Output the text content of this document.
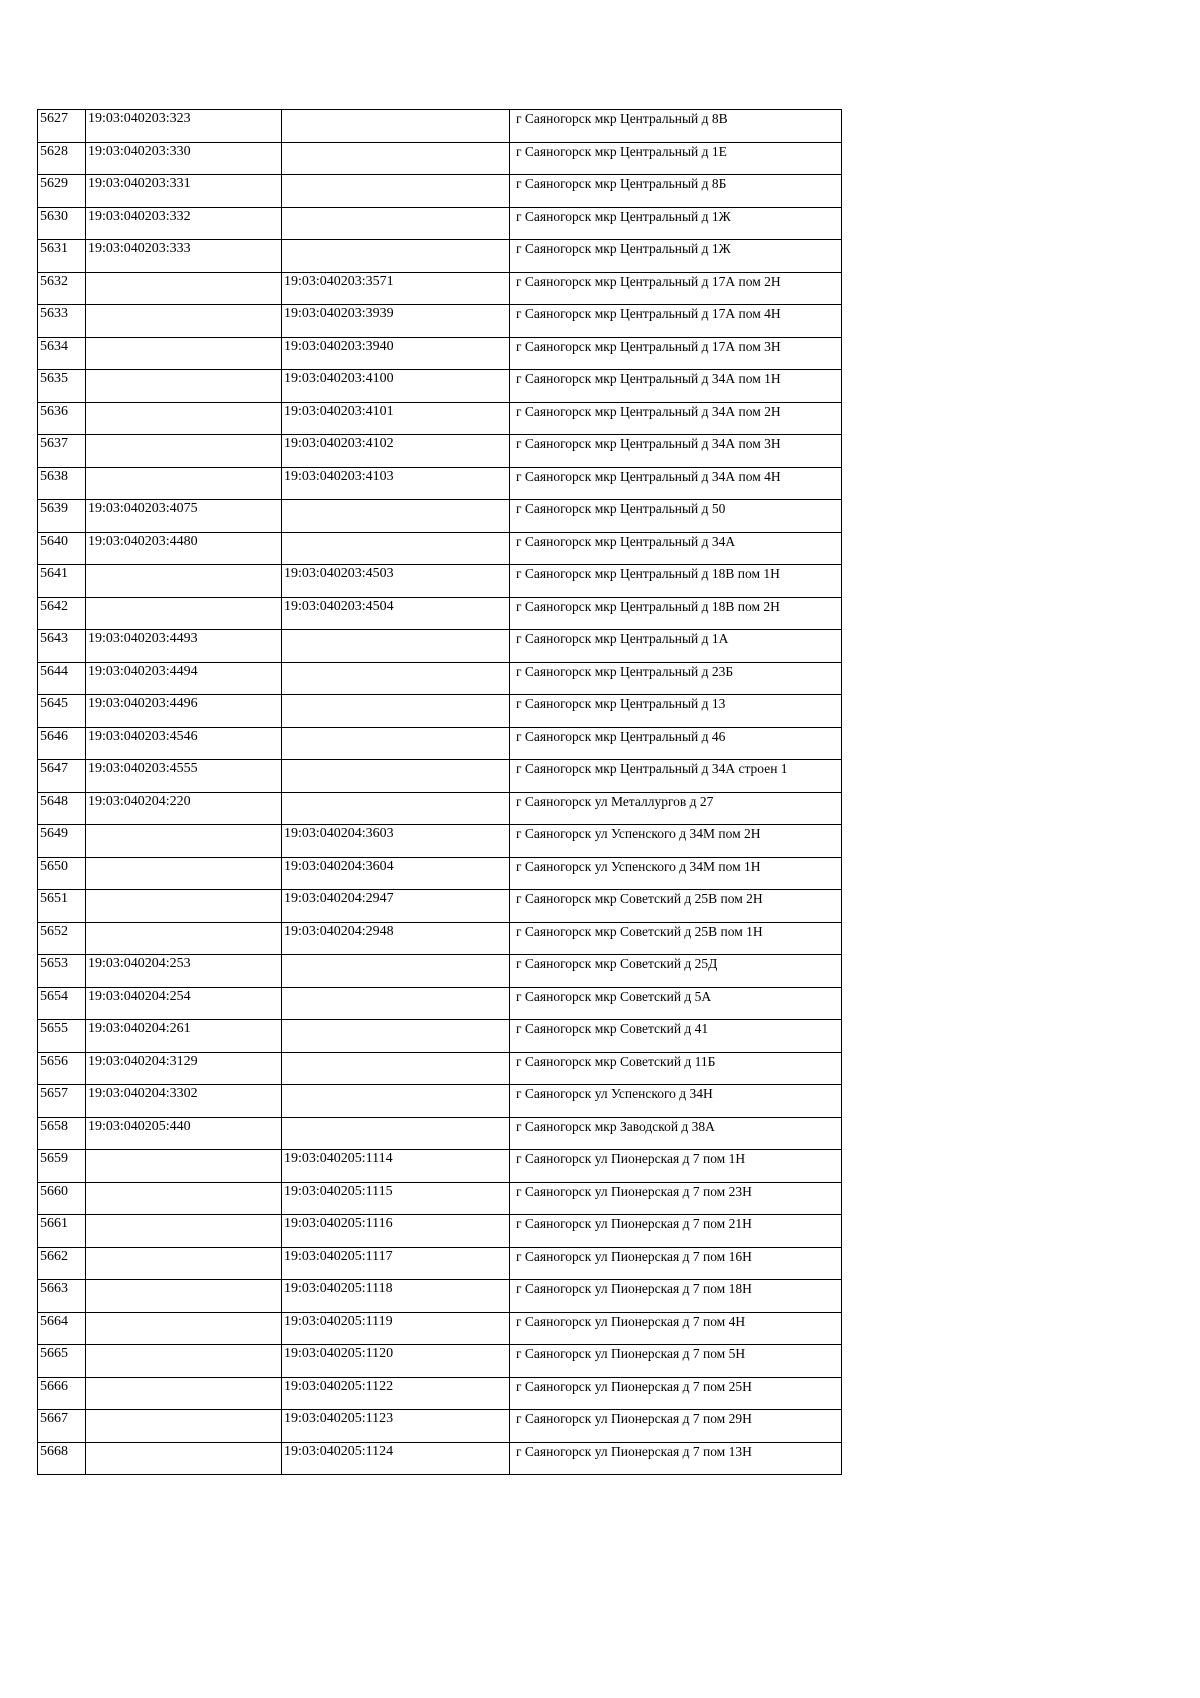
5627	19:03:040203:323		г Саяногорск мкр Центральный д 8В
5628	19:03:040203:330		г Саяногорск мкр Центральный д 1Е
5629	19:03:040203:331		г Саяногорск мкр Центральный д 8Б
5630	19:03:040203:332		г Саяногорск мкр Центральный д 1Ж
5631	19:03:040203:333		г Саяногорск мкр Центральный д 1Ж
5632		19:03:040203:3571	г Саяногорск мкр Центральный д 17А пом 2Н
5633		19:03:040203:3939	г Саяногорск мкр Центральный д 17А пом 4Н
5634		19:03:040203:3940	г Саяногорск мкр Центральный д 17А пом 3Н
5635		19:03:040203:4100	г Саяногорск мкр Центральный д 34А пом 1Н
5636		19:03:040203:4101	г Саяногорск мкр Центральный д 34А пом 2Н
5637		19:03:040203:4102	г Саяногорск мкр Центральный д 34А пом 3Н
5638		19:03:040203:4103	г Саяногорск мкр Центральный д 34А пом 4Н
5639	19:03:040203:4075		г Саяногорск мкр Центральный д 50
5640	19:03:040203:4480		г Саяногорск мкр Центральный д 34А
5641		19:03:040203:4503	г Саяногорск мкр Центральный д 18В пом 1Н
5642		19:03:040203:4504	г Саяногорск мкр Центральный д 18В пом 2Н
5643	19:03:040203:4493		г Саяногорск мкр Центральный д 1А
5644	19:03:040203:4494		г Саяногорск мкр Центральный д 23Б
5645	19:03:040203:4496		г Саяногорск мкр Центральный д 13
5646	19:03:040203:4546		г Саяногорск мкр Центральный д 46
5647	19:03:040203:4555		г Саяногорск мкр Центральный д 34А строен 1
5648	19:03:040204:220		г Саяногорск ул Металлургов д 27
5649		19:03:040204:3603	г Саяногорск ул Успенского д 34М пом 2Н
5650		19:03:040204:3604	г Саяногорск ул Успенского д 34М пом 1Н
5651		19:03:040204:2947	г Саяногорск мкр Советский д 25В пом 2Н
5652		19:03:040204:2948	г Саяногорск мкр Советский д 25В пом 1Н
5653	19:03:040204:253		г Саяногорск мкр Советский д 25Д
5654	19:03:040204:254		г Саяногорск мкр Советский д 5А
5655	19:03:040204:261		г Саяногорск мкр Советский д 41
5656	19:03:040204:3129		г Саяногорск мкр Советский д 11Б
5657	19:03:040204:3302		г Саяногорск ул Успенского д 34Н
5658	19:03:040205:440		г Саяногорск мкр Заводской д 38А
5659		19:03:040205:1114	г Саяногорск ул Пионерская д 7 пом 1Н
5660		19:03:040205:1115	г Саяногорск ул Пионерская д 7 пом 23Н
5661		19:03:040205:1116	г Саяногорск ул Пионерская д 7 пом 21Н
5662		19:03:040205:1117	г Саяногорск ул Пионерская д 7 пом 16Н
5663		19:03:040205:1118	г Саяногорск ул Пионерская д 7 пом 18Н
5664		19:03:040205:1119	г Саяногорск ул Пионерская д 7 пом 4Н
5665		19:03:040205:1120	г Саяногорск ул Пионерская д 7 пом 5Н
5666		19:03:040205:1122	г Саяногорск ул Пионерская д 7 пом 25Н
5667		19:03:040205:1123	г Саяногорск ул Пионерская д 7 пом 29Н
5668		19:03:040205:1124	г Саяногорск ул Пионерская д 7 пом 13Н
